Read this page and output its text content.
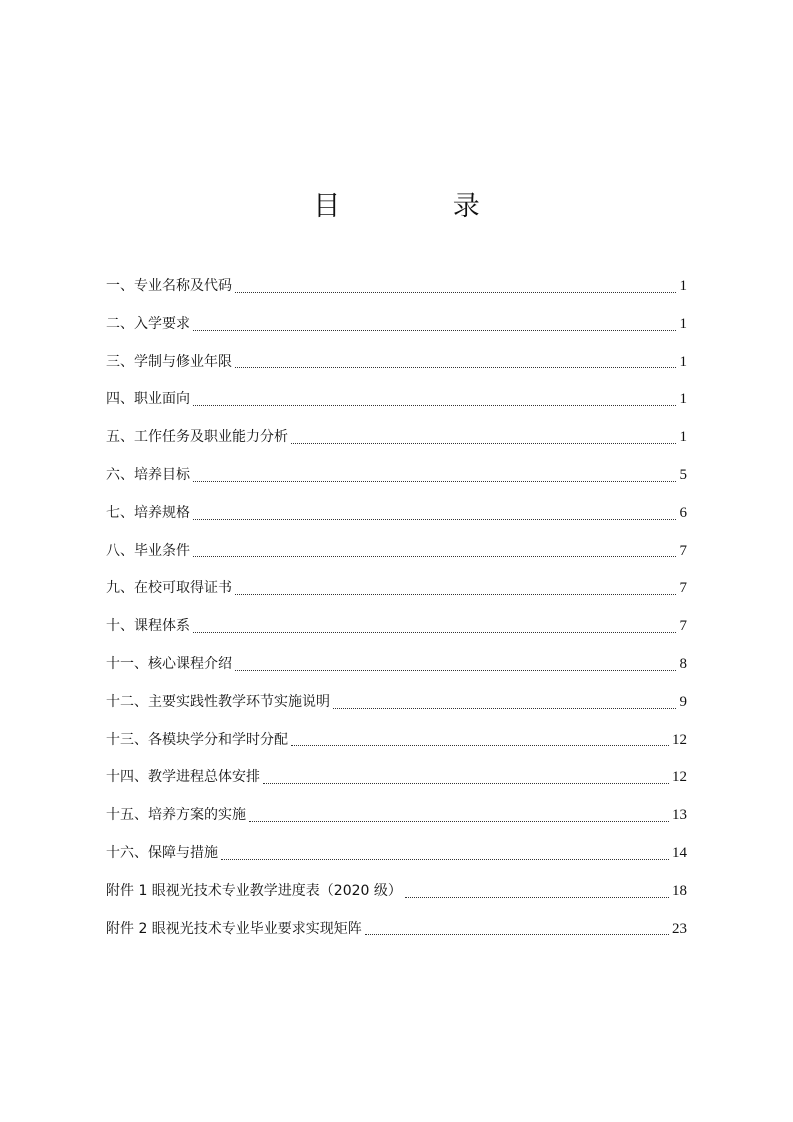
目 录
一、专业名称及代码	1
二、入学要求	1
三、学制与修业年限	1
四、职业面向	1
五、工作任务及职业能力分析	1
六、培养目标	5
七、培养规格	6
八、毕业条件	7
九、在校可取得证书	7
十、课程体系	7
十一、核心课程介绍	8
十二、主要实践性教学环节实施说明	9
十三、各模块学分和学时分配	12
十四、教学进程总体安排	12
十五、培养方案的实施	13
十六、保障与措施	14
附件 1 眼视光技术专业教学进度表（2020 级）	18
附件 2 眼视光技术专业毕业要求实现矩阵	23
